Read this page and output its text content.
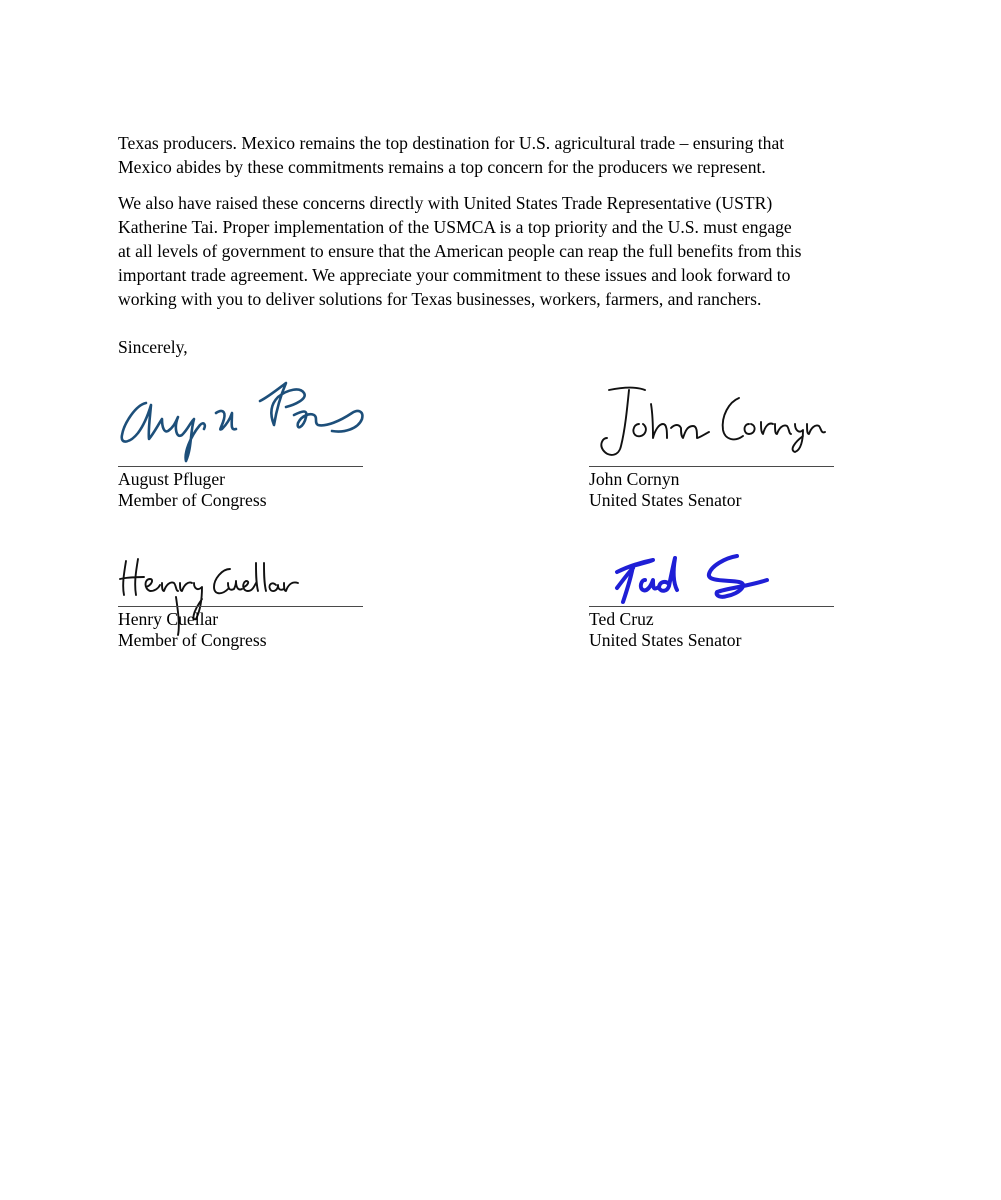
Texas producers. Mexico remains the top destination for U.S. agricultural trade – ensuring that
Mexico abides by these commitments remains a top concern for the producers we represent.

We also have raised these concerns directly with United States Trade Representative (USTR)
Katherine Tai. Proper implementation of the USMCA is a top priority and the U.S. must engage
at all levels of government to ensure that the American people can reap the full benefits from this
important trade agreement. We appreciate your commitment to these issues and look forward to
working with you to deliver solutions for Texas businesses, workers, farmers, and ranchers.

Sincerely,
August Pfluger
Member of Congress
John Cornyn
United States Senator
Henry Cuellar
Member of Congress
Ted Cruz
United States Senator
